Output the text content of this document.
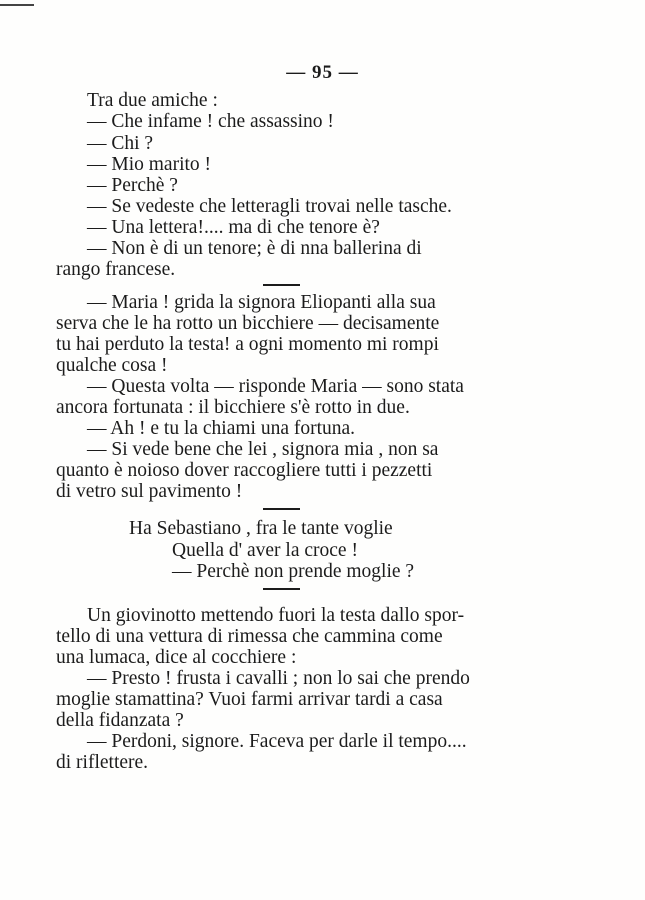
— 95 —
Tra due amiche :
— Che infame ! che assassino !
— Chi ?
— Mio marito !
— Perchè ?
— Se vedeste che letteragli trovai nelle tasche.
— Una lettera!.... ma di che tenore è?
— Non è di un tenore; è di nna ballerina di
rango francese.
— Maria ! grida la signora Eliopanti alla sua
serva che le ha rotto un bicchiere — decisamente
tu hai perduto la testa! a ogni momento mi rompi
qualche cosa !
— Questa volta — risponde Maria — sono stata
ancora fortunata : il bicchiere s'è rotto in due.
— Ah ! e tu la chiami una fortuna.
— Si vede bene che lei , signora mia , non sa
quanto è noioso dover raccogliere tutti i pezzetti
di vetro sul pavimento !
Ha Sebastiano , fra le tante voglie
Quella d' aver la croce !
— Perchè non prende moglie ?
Un giovinotto mettendo fuori la testa dallo spor-
tello di una vettura di rimessa che cammina come
una lumaca, dice al cocchiere :
— Presto ! frusta i cavalli ; non lo sai che prendo
moglie stamattina? Vuoi farmi arrivar tardi a casa
della fidanzata ?
— Perdoni, signore. Faceva per darle il tempo....
di riflettere.
